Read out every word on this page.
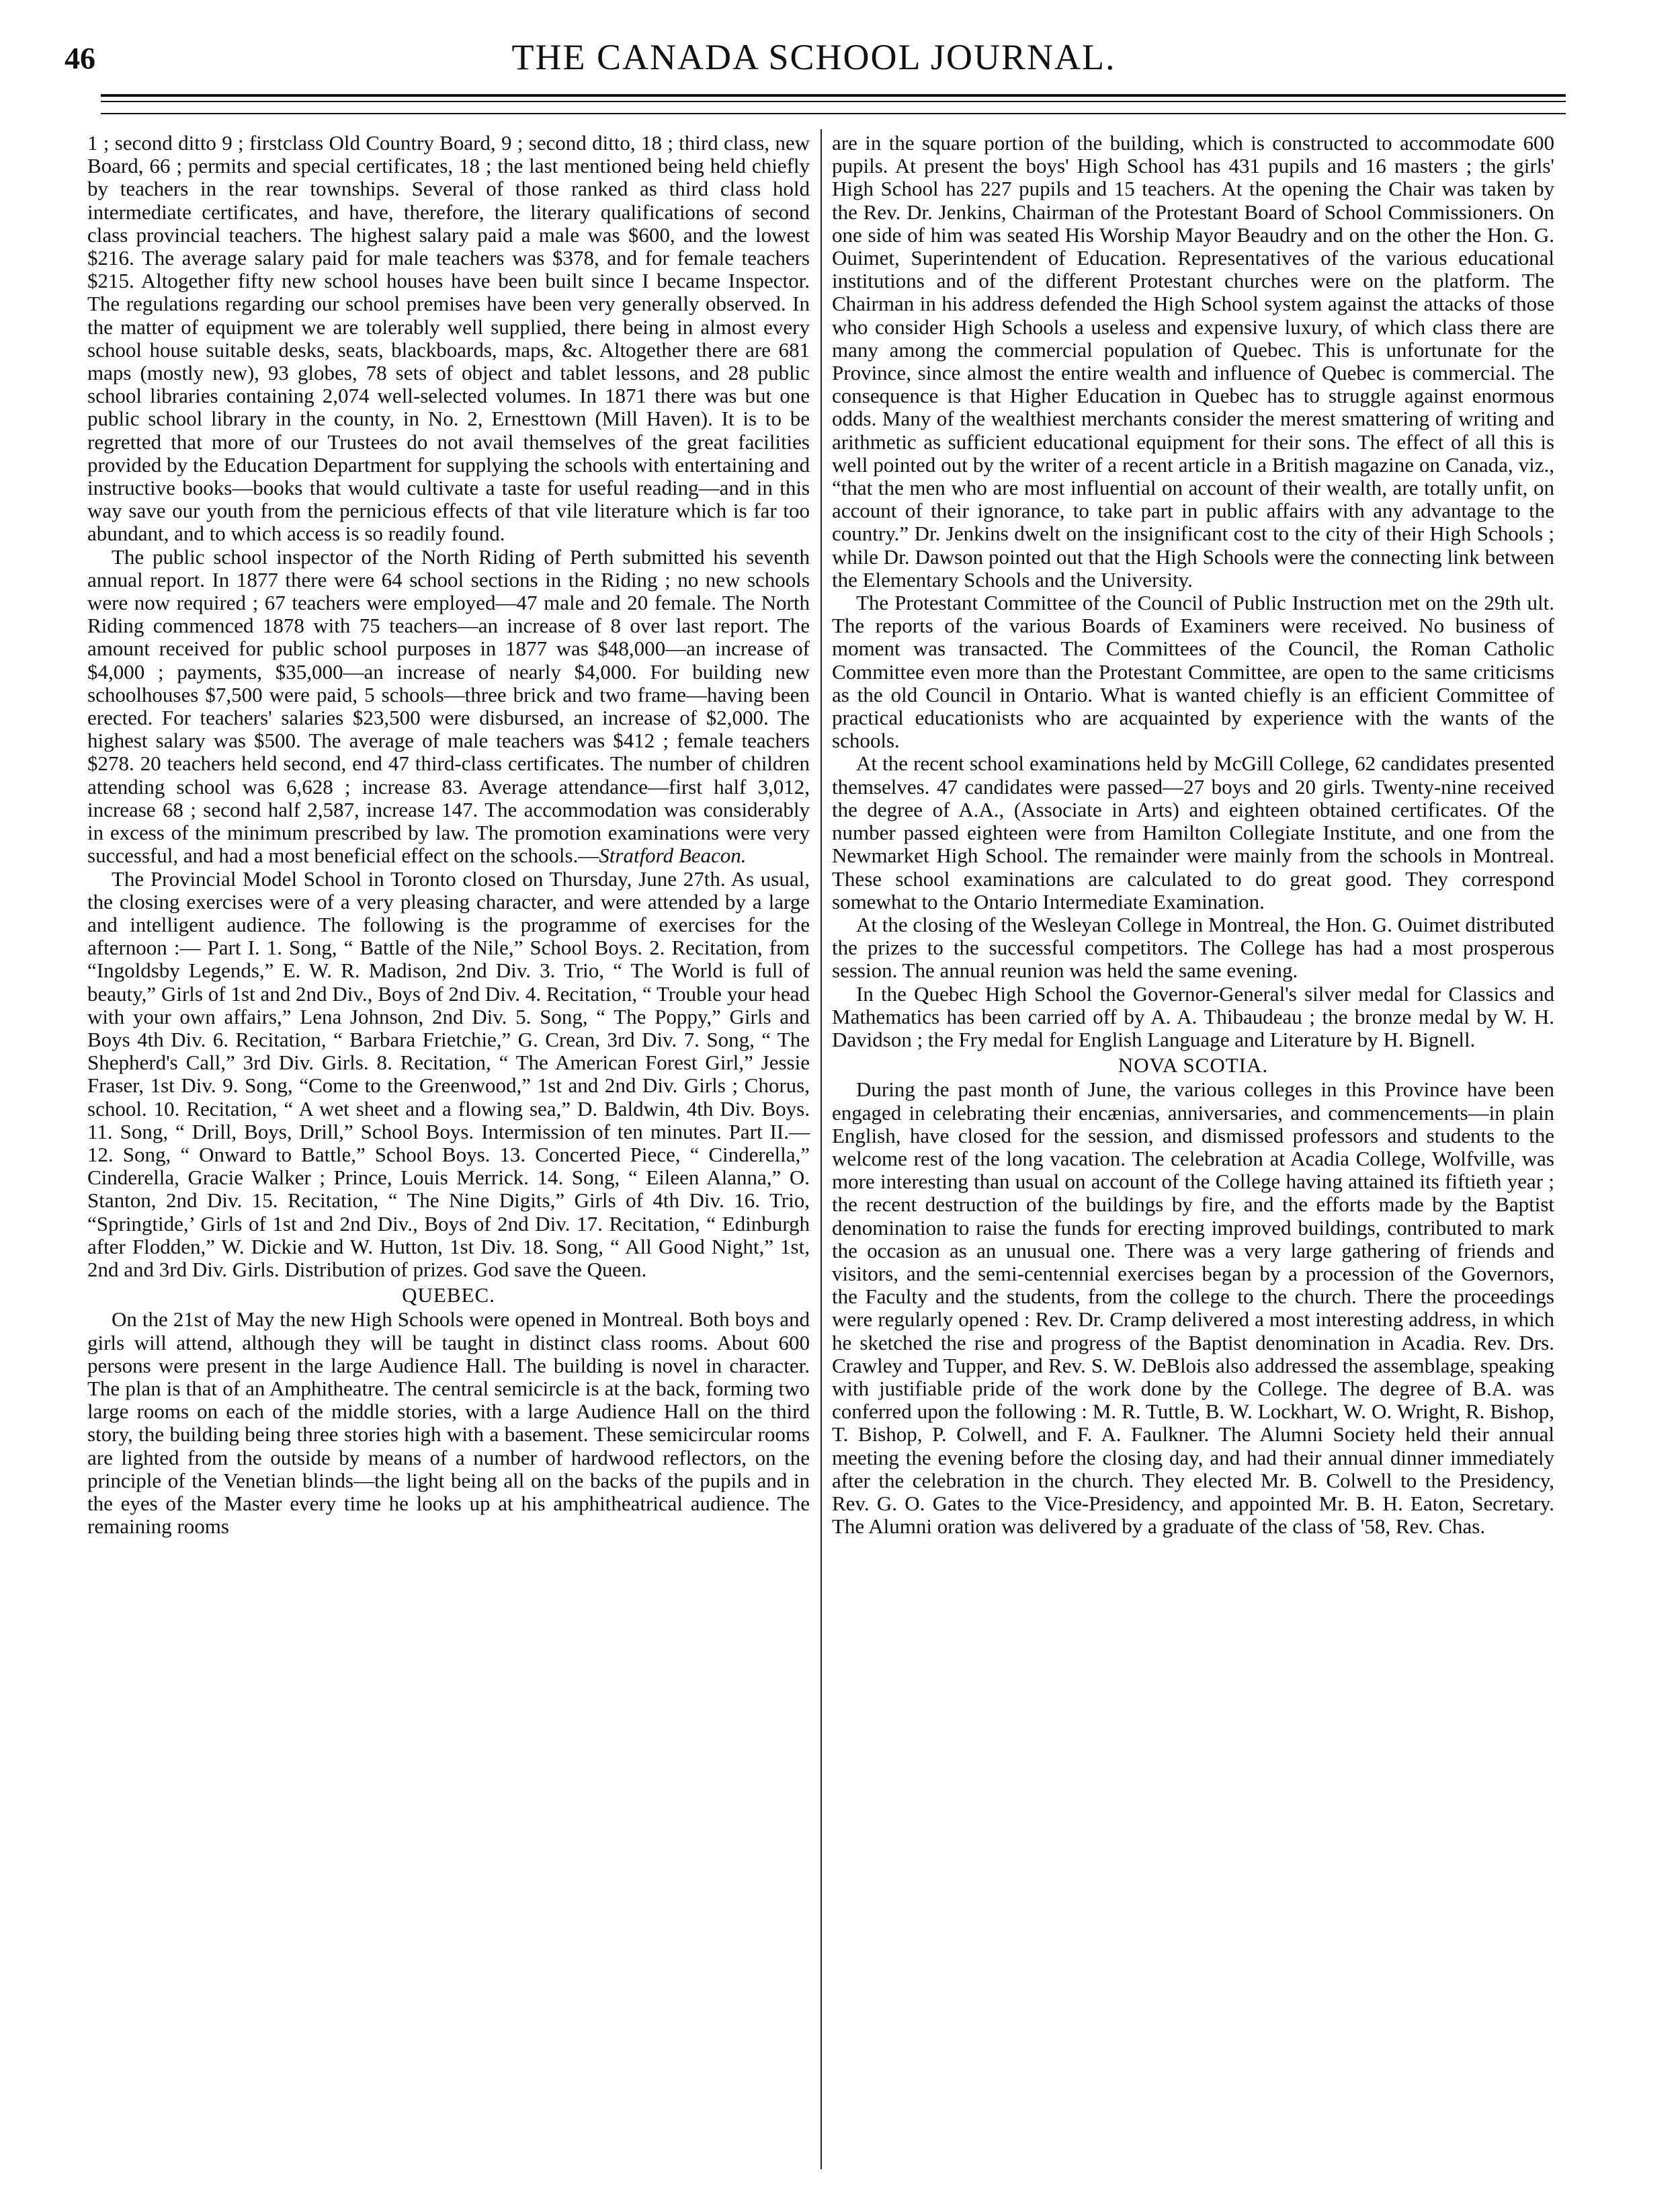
46	THE CANADA SCHOOL JOURNAL.

1 ; second ditto 9 ; firstclass Old Country Board, 9 ; second ditto, 18 ; third class, new Board, 66 ; permits and special certificates, 18 ; the last mentioned being held chiefly by teachers in the rear townships. Several of those ranked as third class hold intermediate certificates, and have, therefore, the literary qualifications of second class provincial teachers. The highest salary paid a male was $600, and the lowest $216. The average salary paid for male teachers was $378, and for female teachers $215. Altogether fifty new school houses have been built since I became Inspector. The regulations regarding our school premises have been very generally observed. In the matter of equipment we are tolerably well supplied, there being in almost every school house suitable desks, seats, blackboards, maps, &c. Altogether there are 681 maps (mostly new), 93 globes, 78 sets of object and tablet lessons, and 28 public school libraries containing 2,074 well-selected volumes. In 1871 there was but one public school library in the county, in No. 2, Ernesttown (Mill Haven). It is to be regretted that more of our Trustees do not avail themselves of the great facilities provided by the Education Department for supplying the schools with entertaining and instructive books—books that would cultivate a taste for useful reading—and in this way save our youth from the pernicious effects of that vile literature which is far too abundant, and to which access is so readily found.

The public school inspector of the North Riding of Perth submitted his seventh annual report. In 1877 there were 64 school sections in the Riding ; no new schools were now required ; 67 teachers were employed—47 male and 20 female. The North Riding commenced 1878 with 75 teachers—an increase of 8 over last report. The amount received for public school purposes in 1877 was $48,000—an increase of $4,000 ; payments, $35,000—an increase of nearly $4,000. For building new schoolhouses $7,500 were paid, 5 schools—three brick and two frame—having been erected. For teachers' salaries $23,500 were disbursed, an increase of $2,000. The highest salary was $500. The average of male teachers was $412 ; female teachers $278. 20 teachers held second, end 47 third-class certificates. The number of children attending school was 6,628 ; increase 83. Average attendance—first half 3,012, increase 68 ; second half 2,587, increase 147. The accommodation was considerably in excess of the minimum prescribed by law. The promotion examinations were very successful, and had a most beneficial effect on the schools.—Stratford Beacon.

The Provincial Model School in Toronto closed on Thursday, June 27th. As usual, the closing exercises were of a very pleasing character, and were attended by a large and intelligent audience. The following is the programme of exercises for the afternoon :— Part I. 1. Song, “ Battle of the Nile,” School Boys. 2. Recitation, from “Ingoldsby Legends,” E. W. R. Madison, 2nd Div. 3. Trio, “ The World is full of beauty,” Girls of 1st and 2nd Div., Boys of 2nd Div. 4. Recitation, “ Trouble your head with your own affairs,” Lena Johnson, 2nd Div. 5. Song, “ The Poppy,” Girls and Boys 4th Div. 6. Recitation, “ Barbara Frietchie,” G. Crean, 3rd Div. 7. Song, “ The Shepherd's Call,” 3rd Div. Girls. 8. Recitation, “ The American Forest Girl,” Jessie Fraser, 1st Div. 9. Song, “Come to the Greenwood,” 1st and 2nd Div. Girls ; Chorus, school. 10. Recitation, “ A wet sheet and a flowing sea,” D. Baldwin, 4th Div. Boys. 11. Song, “ Drill, Boys, Drill,” School Boys. Intermission of ten minutes. Part II.— 12. Song, “ Onward to Battle,” School Boys. 13. Concerted Piece, “ Cinderella,” Cinderella, Gracie Walker ; Prince, Louis Merrick. 14. Song, “ Eileen Alanna,” O. Stanton, 2nd Div. 15. Recitation, “ The Nine Digits,” Girls of 4th Div. 16. Trio, “Springtide,’ Girls of 1st and 2nd Div., Boys of 2nd Div. 17. Recitation, “ Edinburgh after Flodden,” W. Dickie and W. Hutton, 1st Div. 18. Song, “ All Good Night,” 1st, 2nd and 3rd Div. Girls. Distribution of prizes. God save the Queen.

QUEBEC.

On the 21st of May the new High Schools were opened in Montreal. Both boys and girls will attend, although they will be taught in distinct class rooms. About 600 persons were present in the large Audience Hall. The building is novel in character. The plan is that of an Amphitheatre. The central semicircle is at the back, forming two large rooms on each of the middle stories, with a large Audience Hall on the third story, the building being three stories high with a basement. These semicircular rooms are lighted from the outside by means of a number of hardwood reflectors, on the principle of the Venetian blinds—the light being all on the backs of the pupils and in the eyes of the Master every time he looks up at his amphitheatrical audience. The remaining rooms

are in the square portion of the building, which is constructed to accommodate 600 pupils. At present the boys' High School has 431 pupils and 16 masters ; the girls' High School has 227 pupils and 15 teachers. At the opening the Chair was taken by the Rev. Dr. Jenkins, Chairman of the Protestant Board of School Commissioners. On one side of him was seated His Worship Mayor Beaudry and on the other the Hon. G. Ouimet, Superintendent of Education. Representatives of the various educational institutions and of the different Protestant churches were on the platform. The Chairman in his address defended the High School system against the attacks of those who consider High Schools a useless and expensive luxury, of which class there are many among the commercial population of Quebec. This is unfortunate for the Province, since almost the entire wealth and influence of Quebec is commercial. The consequence is that Higher Education in Quebec has to struggle against enormous odds. Many of the wealthiest merchants consider the merest smattering of writing and arithmetic as sufficient educational equipment for their sons. The effect of all this is well pointed out by the writer of a recent article in a British magazine on Canada, viz., “that the men who are most influential on account of their wealth, are totally unfit, on account of their ignorance, to take part in public affairs with any advantage to the country.” Dr. Jenkins dwelt on the insignificant cost to the city of their High Schools ; while Dr. Dawson pointed out that the High Schools were the connecting link between the Elementary Schools and the University.

The Protestant Committee of the Council of Public Instruction met on the 29th ult. The reports of the various Boards of Examiners were received. No business of moment was transacted. The Committees of the Council, the Roman Catholic Committee even more than the Protestant Committee, are open to the same criticisms as the old Council in Ontario. What is wanted chiefly is an efficient Committee of practical educationists who are acquainted by experience with the wants of the schools.

At the recent school examinations held by McGill College, 62 candidates presented themselves. 47 candidates were passed—27 boys and 20 girls. Twenty-nine received the degree of A.A., (Associate in Arts) and eighteen obtained certificates. Of the number passed eighteen were from Hamilton Collegiate Institute, and one from the Newmarket High School. The remainder were mainly from the schools in Montreal. These school examinations are calculated to do great good. They correspond somewhat to the Ontario Intermediate Examination.

At the closing of the Wesleyan College in Montreal, the Hon. G. Ouimet distributed the prizes to the successful competitors. The College has had a most prosperous session. The annual reunion was held the same evening.

In the Quebec High School the Governor-General's silver medal for Classics and Mathematics has been carried off by A. A. Thibaudeau ; the bronze medal by W. H. Davidson ; the Fry medal for English Language and Literature by H. Bignell.

NOVA SCOTIA.

During the past month of June, the various colleges in this Province have been engaged in celebrating their encænias, anniversaries, and commencements—in plain English, have closed for the session, and dismissed professors and students to the welcome rest of the long vacation. The celebration at Acadia College, Wolfville, was more interesting than usual on account of the College having attained its fiftieth year ; the recent destruction of the buildings by fire, and the efforts made by the Baptist denomination to raise the funds for erecting improved buildings, contributed to mark the occasion as an unusual one. There was a very large gathering of friends and visitors, and the semi-centennial exercises began by a procession of the Governors, the Faculty and the students, from the college to the church. There the proceedings were regularly opened : Rev. Dr. Cramp delivered a most interesting address, in which he sketched the rise and progress of the Baptist denomination in Acadia. Rev. Drs. Crawley and Tupper, and Rev. S. W. DeBlois also addressed the assemblage, speaking with justifiable pride of the work done by the College. The degree of B.A. was conferred upon the following : M. R. Tuttle, B. W. Lockhart, W. O. Wright, R. Bishop, T. Bishop, P. Colwell, and F. A. Faulkner. The Alumni Society held their annual meeting the evening before the closing day, and had their annual dinner immediately after the celebration in the church. They elected Mr. B. Colwell to the Presidency, Rev. G. O. Gates to the Vice-Presidency, and appointed Mr. B. H. Eaton, Secretary. The Alumni oration was delivered by a graduate of the class of '58, Rev. Chas.
